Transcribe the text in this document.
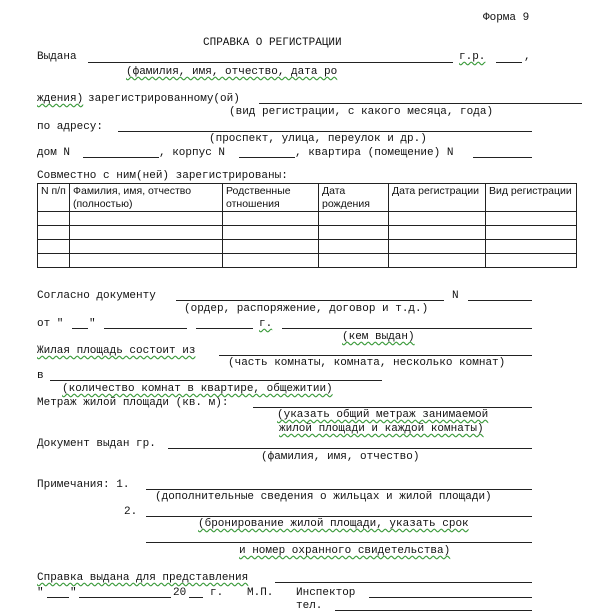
Форма 9
СПРАВКА О РЕГИСТРАЦИИ
Выдана	г.р.	,
(фамилия, имя, отчество, дата ро
ждения) зарегистрированному(ой)
(вид регистрации, с какого месяца, года)
по адресу:
(проспект, улица, переулок и др.)
дом N	, корпус N	, квартира (помещение) N
Совместно с ним(ней) зарегистрированы:
N п/п	Фамилия, имя, отчество (полностью)	Родственные отношения	Дата рождения	Дата регистрации	Вид регистрации

Согласно документу	N
(ордер, распоряжение, договор и т.д.)
от " "	г.
(кем выдан)
Жилая площадь состоит из
(часть комнаты, комната, несколько комнат)
в
(количество комнат в квартире, общежитии)
Метраж жилой площади (кв. м):
(указать общий метраж занимаемой
жилой площади и каждой комнаты)
Документ выдан гр.
(фамилия, имя, отчество)
Примечания: 1.
(дополнительные сведения о жильцах и жилой площади)
2.
(бронирование жилой площади, указать срок
и номер охранного свидетельства)
Справка выдана для представления
" "	20 г. М.П. Инспектор
тел.
